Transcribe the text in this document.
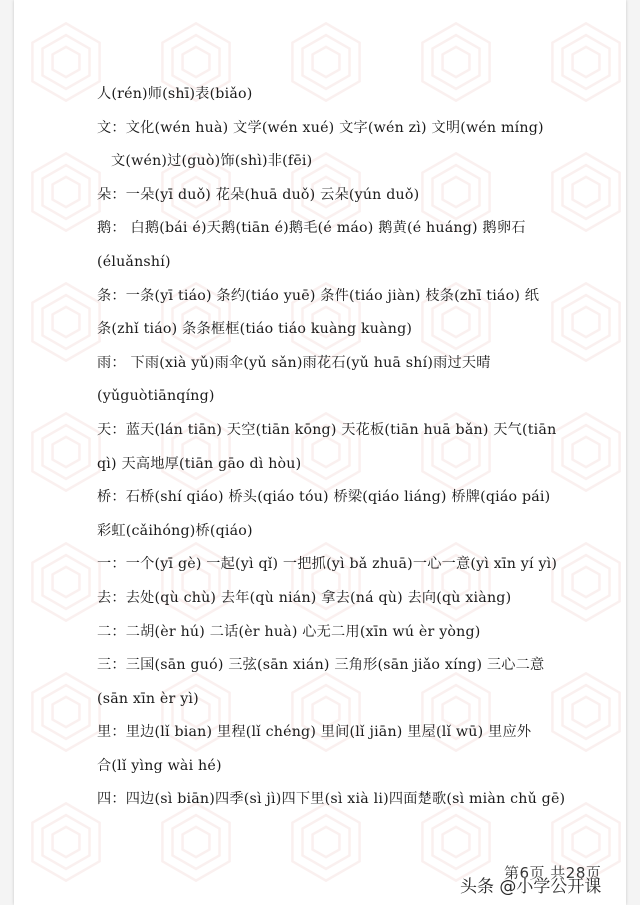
人(rén)师(shī)表(biǎo)
文：文化(wén huà) 文学(wén xué) 文字(wén zì) 文明(wén míng)
文(wén)过(guò)饰(shì)非(fēi)
朵：一朵(yī duǒ) 花朵(huā duǒ) 云朵(yún duǒ)
鹅： 白鹅(bái é)天鹅(tiān é)鹅毛(é máo) 鹅黄(é huáng) 鹅卵石
(éluǎnshí)
条：一条(yī tiáo) 条约(tiáo yuē) 条件(tiáo jiàn) 枝条(zhī tiáo) 纸
条(zhǐ tiáo) 条条框框(tiáo tiáo kuàng kuàng)
雨： 下雨(xià yǔ)雨伞(yǔ sǎn)雨花石(yǔ huā shí)雨过天晴
(yǔguòtiānqíng)
天：蓝天(lán tiān) 天空(tiān kōng) 天花板(tiān huā bǎn) 天气(tiān
qì) 天高地厚(tiān gāo dì hòu)
桥：石桥(shí qiáo) 桥头(qiáo tóu) 桥梁(qiáo liáng) 桥牌(qiáo pái)
彩虹(cǎihóng)桥(qiáo)
一：一个(yī gè) 一起(yì qǐ) 一把抓(yì bǎ zhuā)一心一意(yì xīn yí yì)
去：去处(qù chù) 去年(qù nián) 拿去(ná qù) 去向(qù xiàng)
二：二胡(èr hú) 二话(èr huà) 心无二用(xīn wú èr yòng)
三：三国(sān guó) 三弦(sān xián) 三角形(sān jiǎo xíng) 三心二意
(sān xīn èr yì)
里：里边(lǐ bian) 里程(lǐ chéng) 里间(lǐ jiān) 里屋(lǐ wū) 里应外
合(lǐ yìng wài hé)
四：四边(sì biān)四季(sì jì)四下里(sì xià li)四面楚歌(sì miàn chǔ gē)
第6页 共28页
头条 @小学公开课
